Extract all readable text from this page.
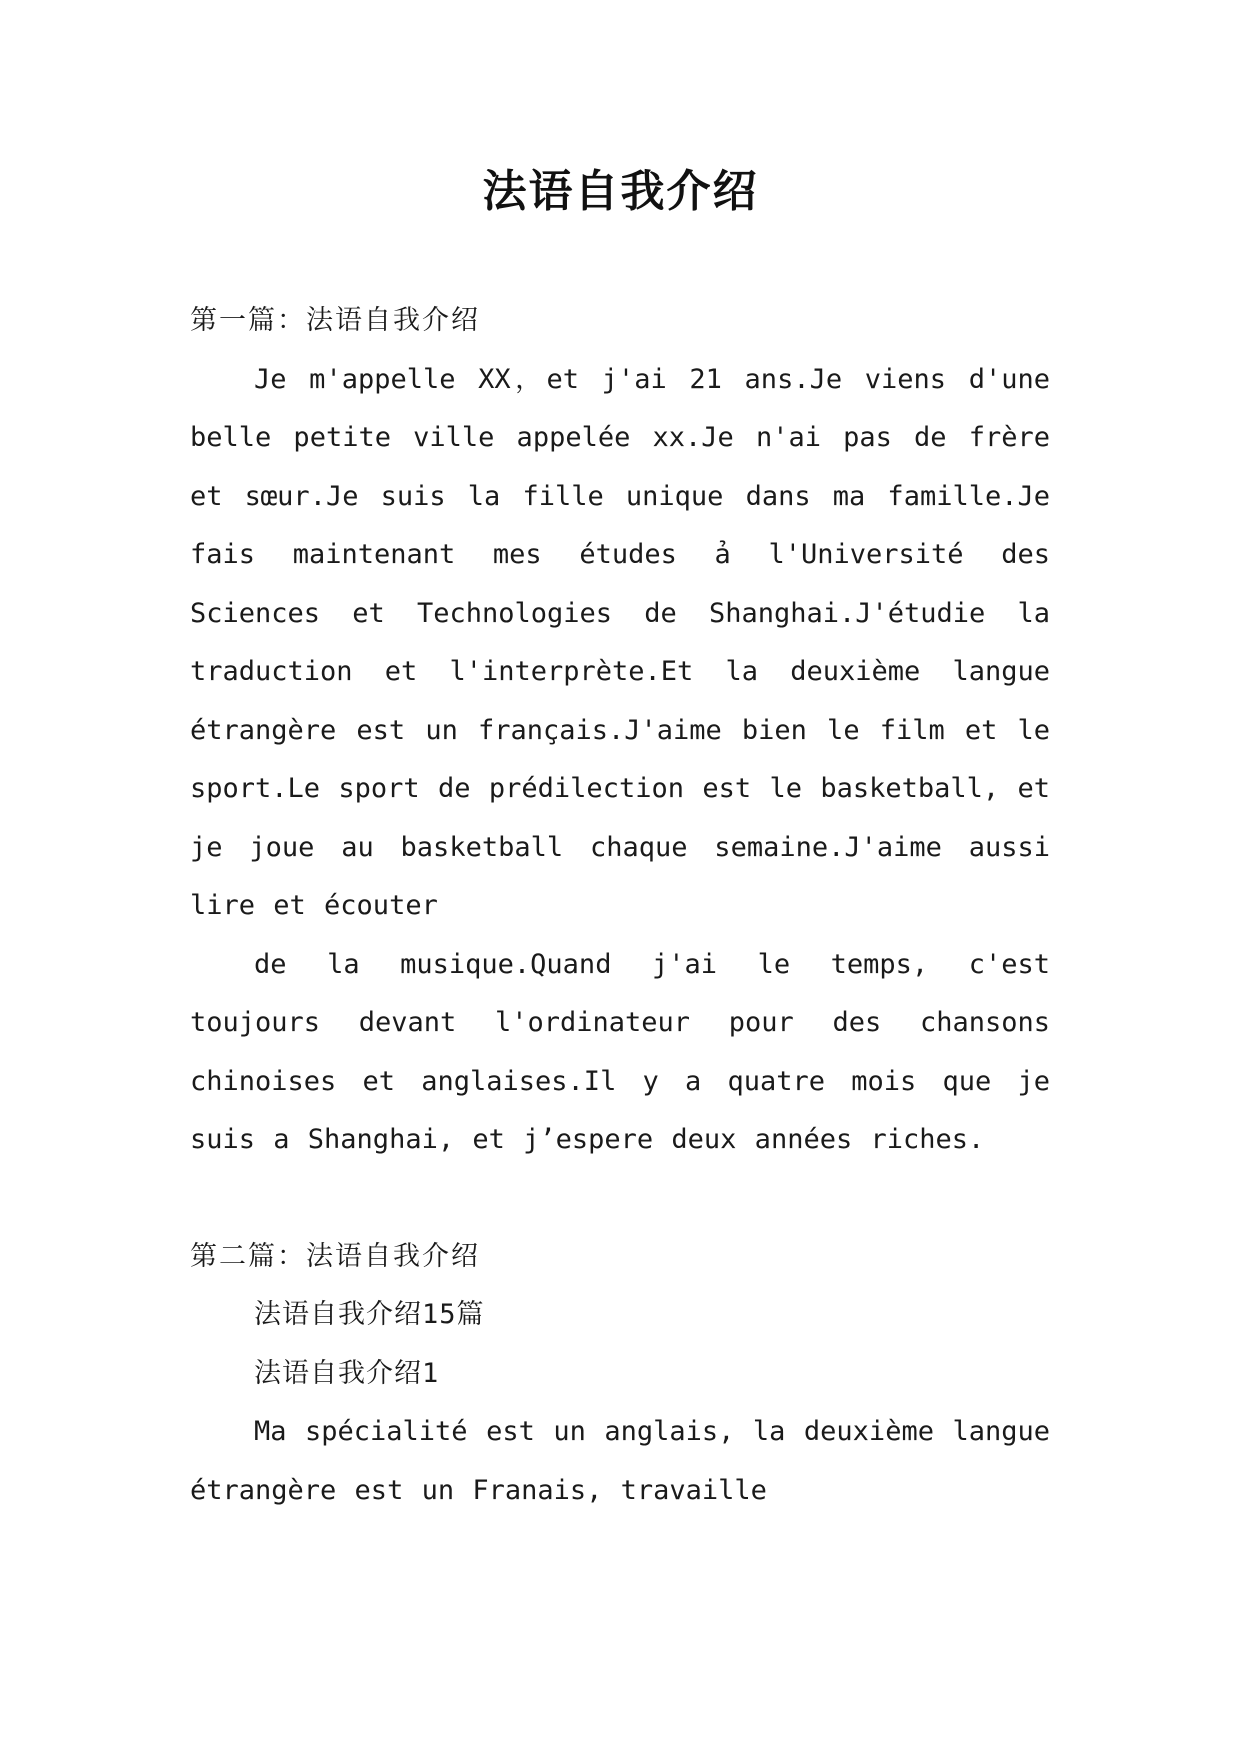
法语自我介绍
第一篇：法语自我介绍

Je m'appelle XX，et j'ai 21 ans.Je viens d'une belle petite ville appelée xx.Je n'ai pas de frère et sœur.Je suis la fille unique dans ma famille.Je fais maintenant mes études ả l'Université des Sciences et Technologies de Shanghai.J'étudie la traduction et l'interprète.Et la deuxième langue étrangère est un français.J'aime bien le film et le sport.Le sport de prédilection est le basketball, et je joue au basketball chaque semaine.J'aime aussi lire et écouter

de la musique.Quand j'ai le temps, c'est toujours devant l'ordinateur pour des chansons chinoises et anglaises.Il y a quatre mois que je suis a Shanghai, et j’espere deux années riches.

第二篇：法语自我介绍

法语自我介绍15篇

法语自我介绍1

Ma spécialité est un anglais, la deuxième langue étrangère est un Franais, travaille
